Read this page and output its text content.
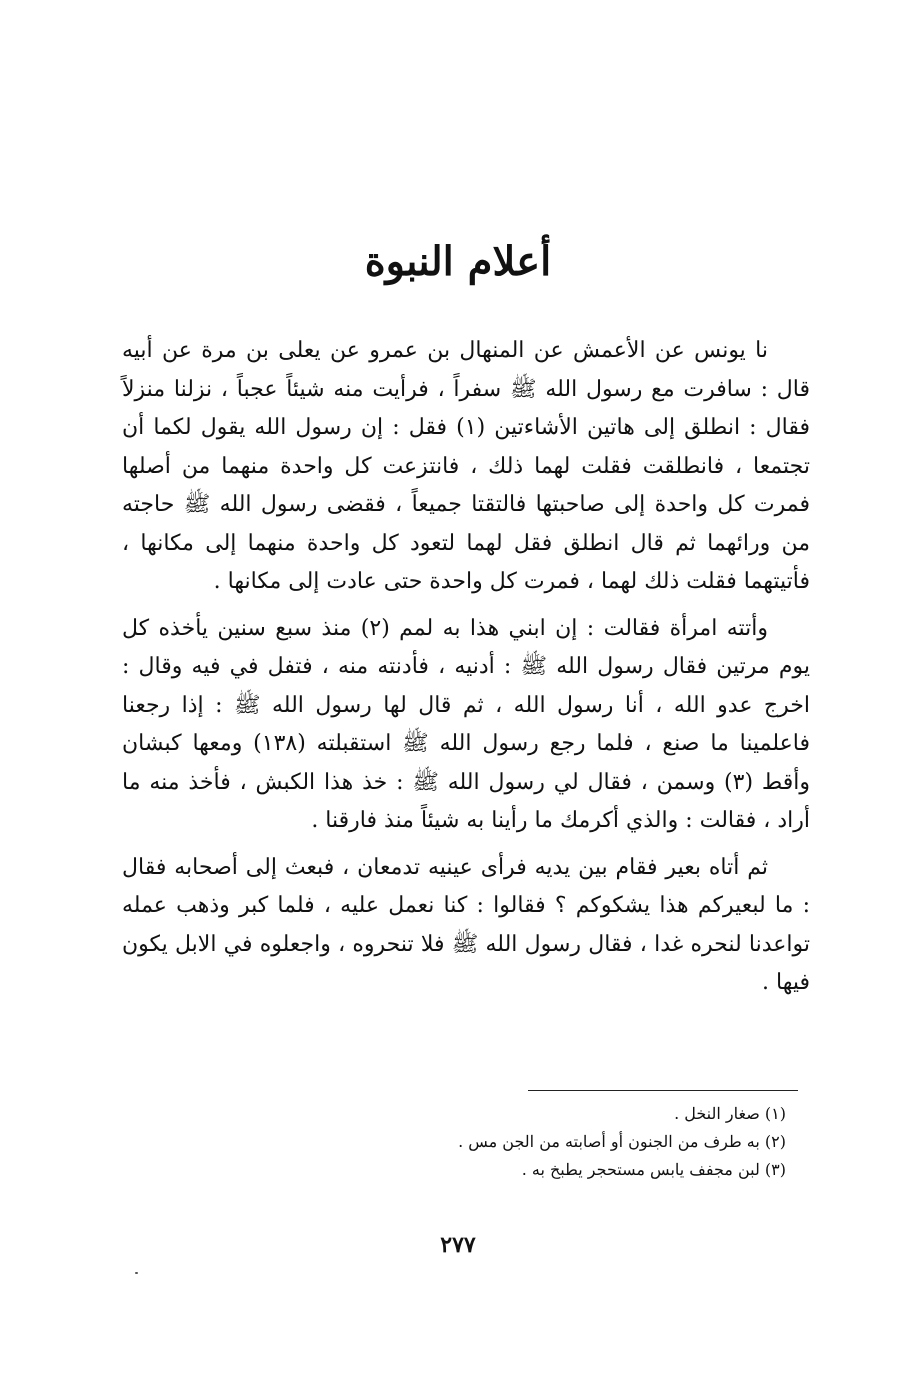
أعلام النبوة

نا يونس عن الأعمش عن المنهال بن عمرو عن يعلى بن مرة عن أبيه قال : سافرت مع رسول الله ﷺ سفراً ، فرأيت منه شيئاً عجباً ، نزلنا منزلاً فقال : انطلق إلى هاتين الأشاءتين (١) فقل : إن رسول الله يقول لكما أن تجتمعا ، فانطلقت فقلت لهما ذلك ، فانتزعت كل واحدة منهما من أصلها فمرت كل واحدة إلى صاحبتها فالتقتا جميعاً ، فقضى رسول الله ﷺ حاجته من ورائهما ثم قال انطلق فقل لهما لتعود كل واحدة منهما إلى مكانها ، فأتيتهما فقلت ذلك لهما ، فمرت كل واحدة حتى عادت إلى مكانها .

وأتته امرأة فقالت : إن ابني هذا به لمم (٢) منذ سبع سنين يأخذه كل يوم مرتين فقال رسول الله ﷺ : أدنيه ، فأدنته منه ، فتفل في فيه وقال : اخرج عدو الله ، أنا رسول الله ، ثم قال لها رسول الله ﷺ : إذا رجعنا فاعلمينا ما صنع ، فلما رجع رسول الله ﷺ استقبلته (١٣٨) ومعها كبشان وأقط (٣) وسمن ، فقال لي رسول الله ﷺ : خذ هذا الكبش ، فأخذ منه ما أراد ، فقالت : والذي أكرمك ما رأينا به شيئاً منذ فارقنا .

ثم أتاه بعير فقام بين يديه فرأى عينيه تدمعان ، فبعث إلى أصحابه فقال : ما لبعيركم هذا يشكوكم ؟ فقالوا : كنا نعمل عليه ، فلما كبر وذهب عمله تواعدنا لنحره غدا ، فقال رسول الله ﷺ فلا تنحروه ، واجعلوه في الابل يكون فيها .

(١) صغار النخل .

(٢) به طرف من الجنون أو أصابته من الجن مس .

(٣) لبن مجفف يابس مستحجر يطبخ به .

٢٧٧
